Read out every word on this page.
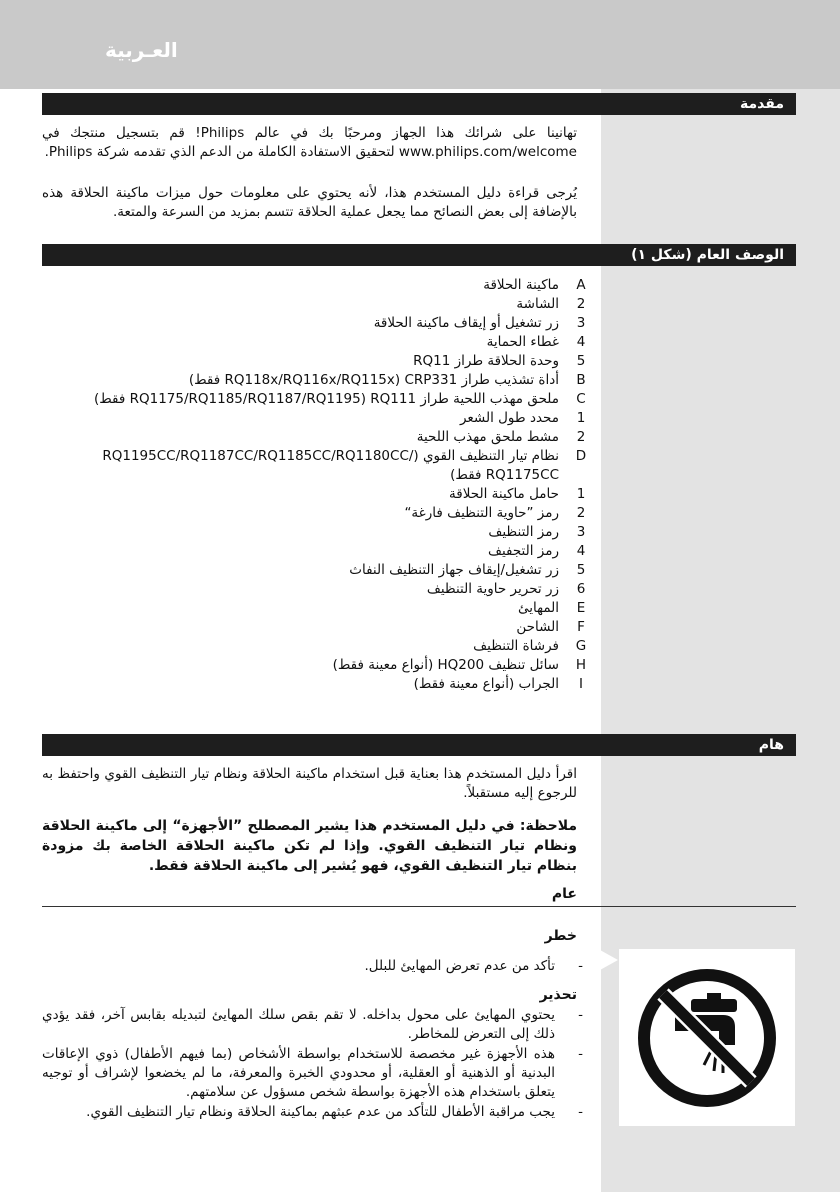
العـربية
مقدمة

تهانينا على شرائك هذا الجهاز ومرحبًا بك في عالم Philips! قم بتسجيل منتجك في www.philips.com/welcome لتحقيق الاستفادة الكاملة من الدعم الذي تقدمه شركة Philips.

يُرجى قراءة دليل المستخدم هذا، لأنه يحتوي على معلومات حول ميزات ماكينة الحلاقة هذه بالإضافة إلى بعض النصائح مما يجعل عملية الحلاقة تتسم بمزيد من السرعة والمتعة.

الوصف العام (شكل ١)
A
ماكينة الحلاقة
2
الشاشة
3
زر تشغيل أو إيقاف ماكينة الحلاقة
4
غطاء الحماية
5
وحدة الحلاقة طراز RQ11
B
أداة تشذيب طراز CRP331 (RQ118x/RQ116x/RQ115x فقط)
C
ملحق مهذب اللحية طراز RQ111 (RQ1175/RQ1185/RQ1187/RQ1195 فقط)
1
محدد طول الشعر
2
مشط ملحق مهذب اللحية
D
نظام تيار التنظيف القوي (/RQ1195CC/RQ1187CC/RQ1185CC/RQ1180CC RQ1175CC فقط)
1
حامل ماكينة الحلاقة
2
رمز ”حاوية التنظيف فارغة“
3
رمز التنظيف
4
رمز التجفيف
5
زر تشغيل/إيقاف جهاز التنظيف النفاث
6
زر تحرير حاوية التنظيف
E
المهايئ
F
الشاحن
G
فرشاة التنظيف
H
سائل تنظيف HQ200 (أنواع معينة فقط)
I
الجراب (أنواع معينة فقط)
هام

اقرأ دليل المستخدم هذا بعناية قبل استخدام ماكينة الحلاقة ونظام تيار التنظيف القوي واحتفظ به للرجوع إليه مستقبلاً.

ملاحظة: في دليل المستخدم هذا يشير المصطلح ”الأجهزة“ إلى ماكينة الحلاقة ونظام تيار التنظيف القوي. وإذا لم تكن ماكينة الحلاقة الخاصة بك مزودة بنظام تيار التنظيف القوي، فهو يُشير إلى ماكينة الحلاقة فقط.

عام
خطر
-
تأكد من عدم تعرض المهايئ للبلل.
تحذير
-
يحتوي المهايئ على محول بداخله. لا تقم بقص سلك المهايئ لتبديله بقابس آخر، فقد يؤدي ذلك إلى التعرض للمخاطر.
-
هذه الأجهزة غير مخصصة للاستخدام بواسطة الأشخاص (بما فيهم الأطفال) ذوي الإعاقات البدنية أو الذهنية أو العقلية، أو محدودي الخبرة والمعرفة، ما لم يخضعوا لإشراف أو توجيه يتعلق باستخدام هذه الأجهزة بواسطة شخص مسؤول عن سلامتهم.
-
يجب مراقبة الأطفال للتأكد من عدم عبثهم بماكينة الحلاقة ونظام تيار التنظيف القوي.
